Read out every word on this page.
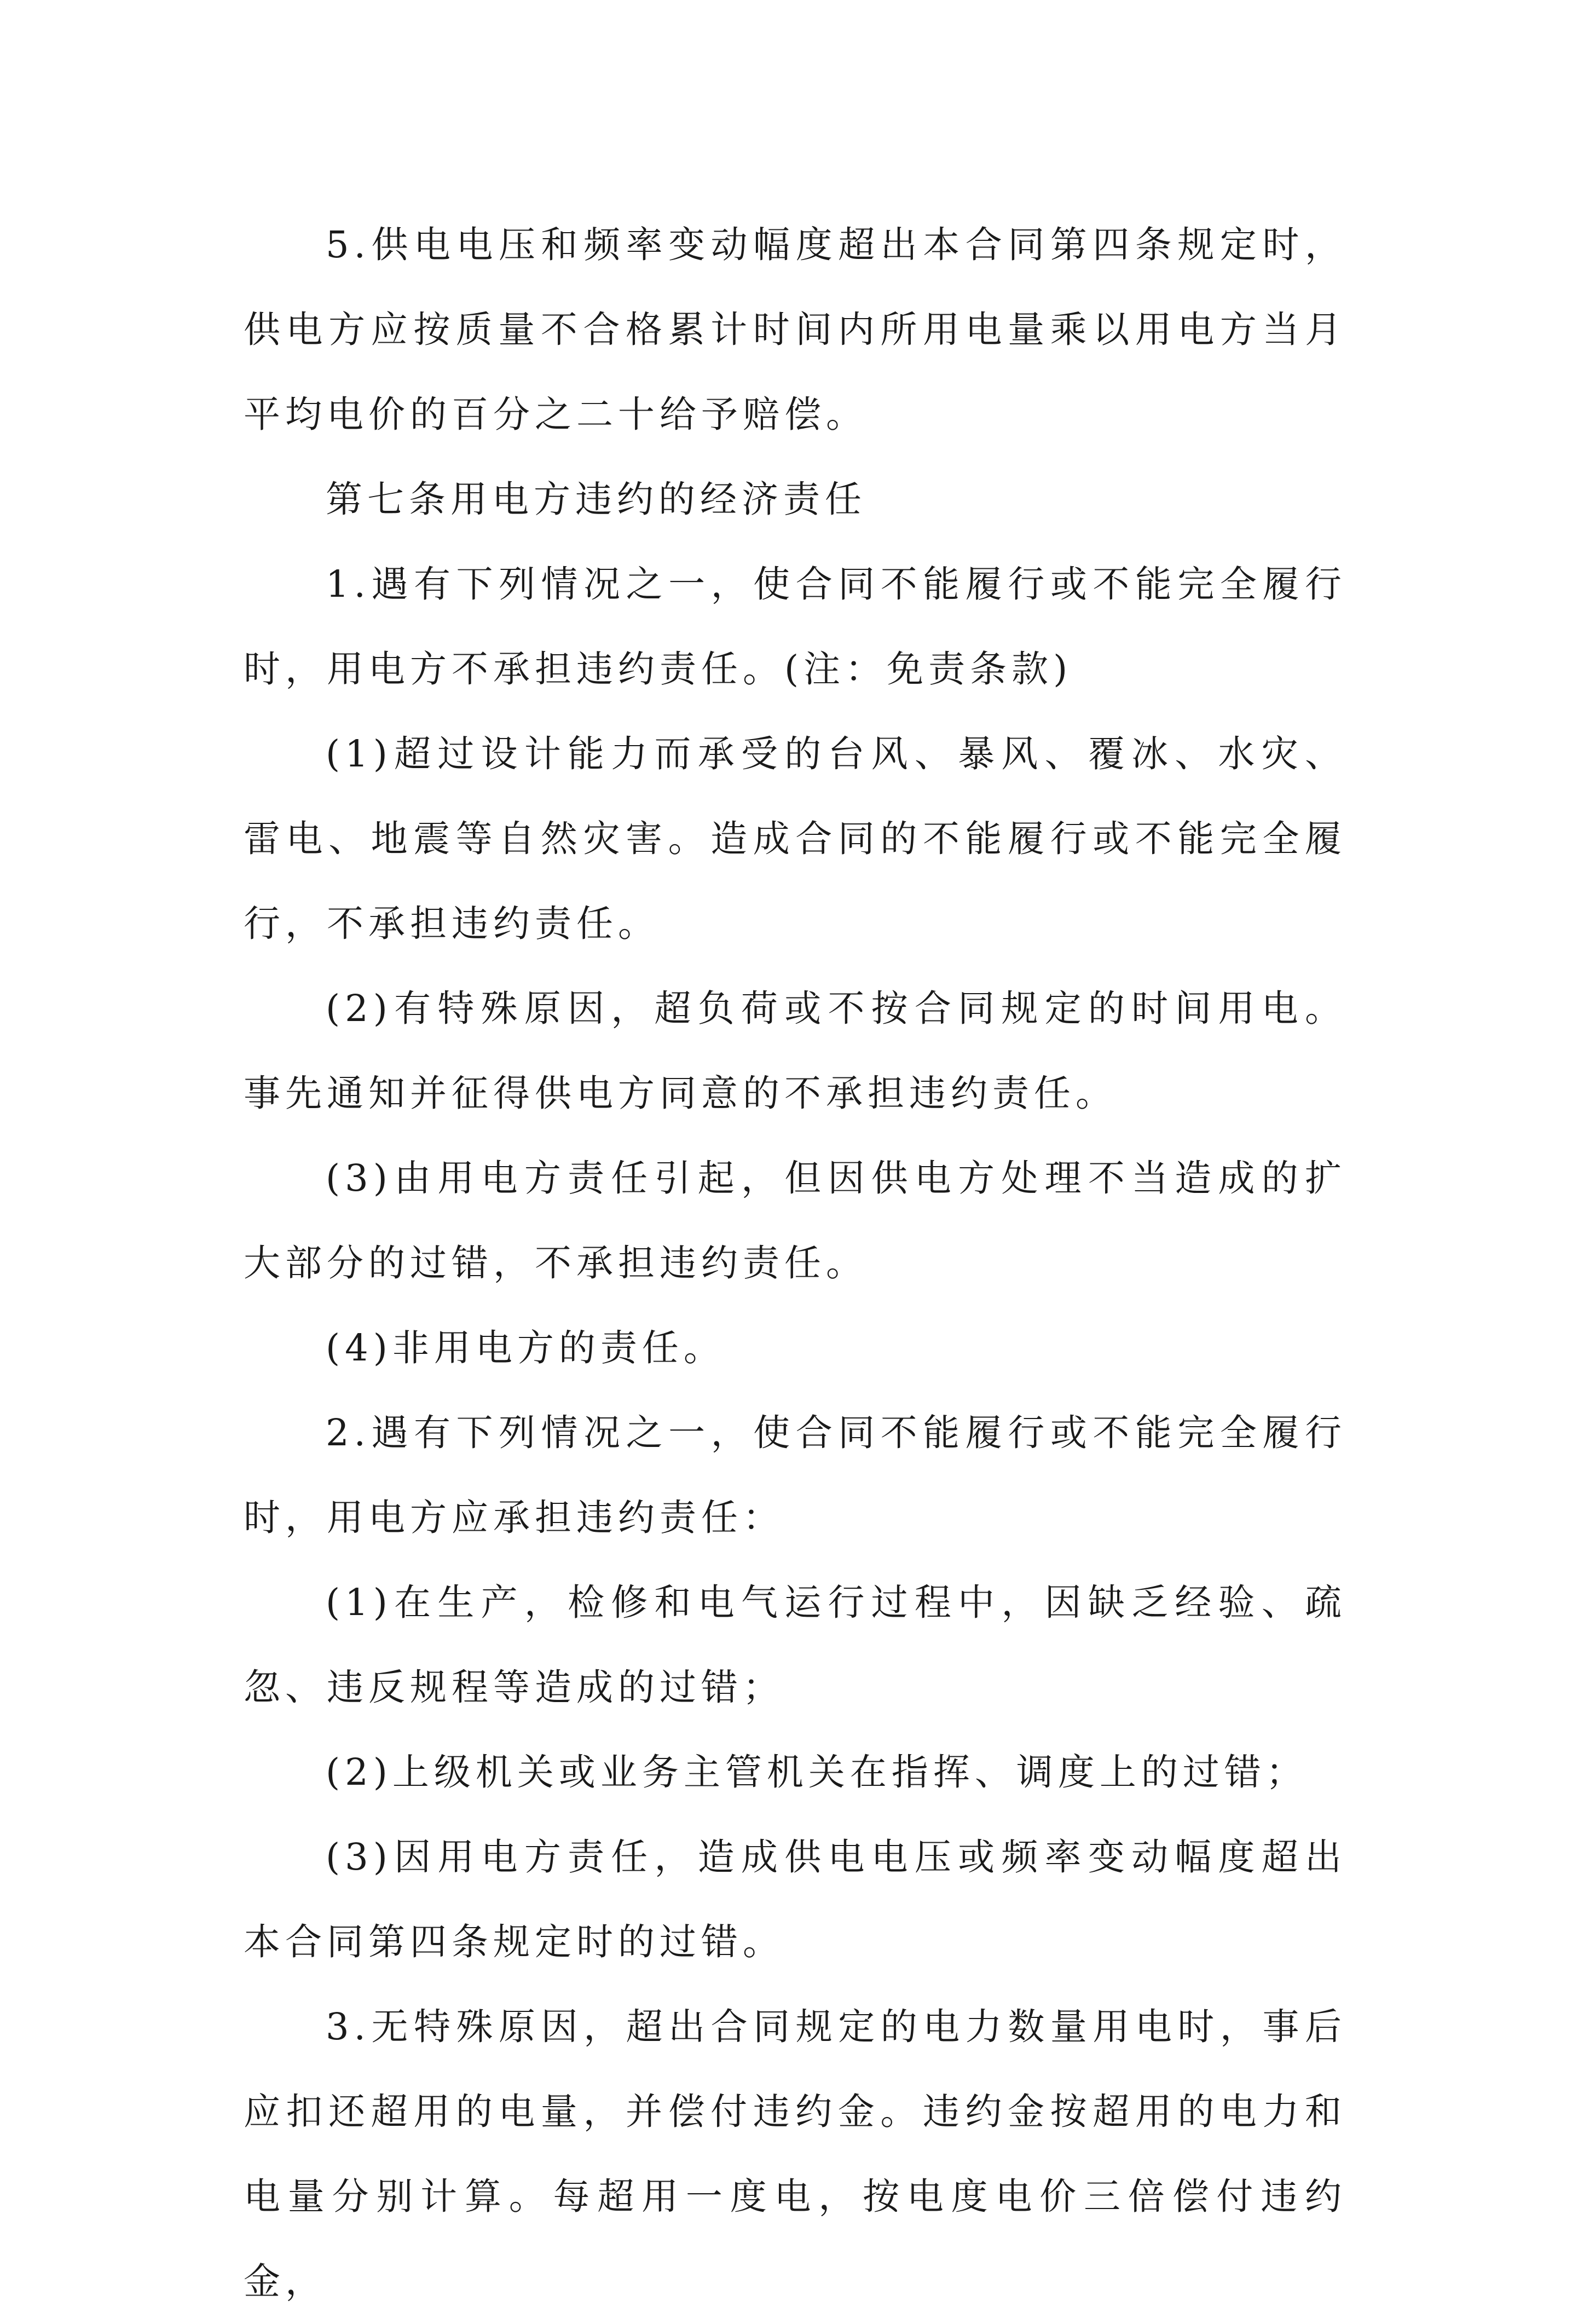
5.供电电压和频率变动幅度超出本合同第四条规定时，供电方应按质量不合格累计时间内所用电量乘以用电方当月平均电价的百分之二十给予赔偿。

第七条用电方违约的经济责任

1.遇有下列情况之一，使合同不能履行或不能完全履行时，用电方不承担违约责任。(注：免责条款)

(1)超过设计能力而承受的台风、暴风、覆冰、水灾、雷电、地震等自然灾害。造成合同的不能履行或不能完全履行，不承担违约责任。

(2)有特殊原因，超负荷或不按合同规定的时间用电。事先通知并征得供电方同意的不承担违约责任。

(3)由用电方责任引起，但因供电方处理不当造成的扩大部分的过错，不承担违约责任。

(4)非用电方的责任。

2.遇有下列情况之一，使合同不能履行或不能完全履行时，用电方应承担违约责任：

(1)在生产，检修和电气运行过程中，因缺乏经验、疏忽、违反规程等造成的过错；

(2)上级机关或业务主管机关在指挥、调度上的过错；

(3)因用电方责任，造成供电电压或频率变动幅度超出本合同第四条规定时的过错。

3.无特殊原因，超出合同规定的电力数量用电时，事后应扣还超用的电量，并偿付违约金。违约金按超用的电力和电量分别计算。每超用一度电，按电度电价三倍偿付违约金，
